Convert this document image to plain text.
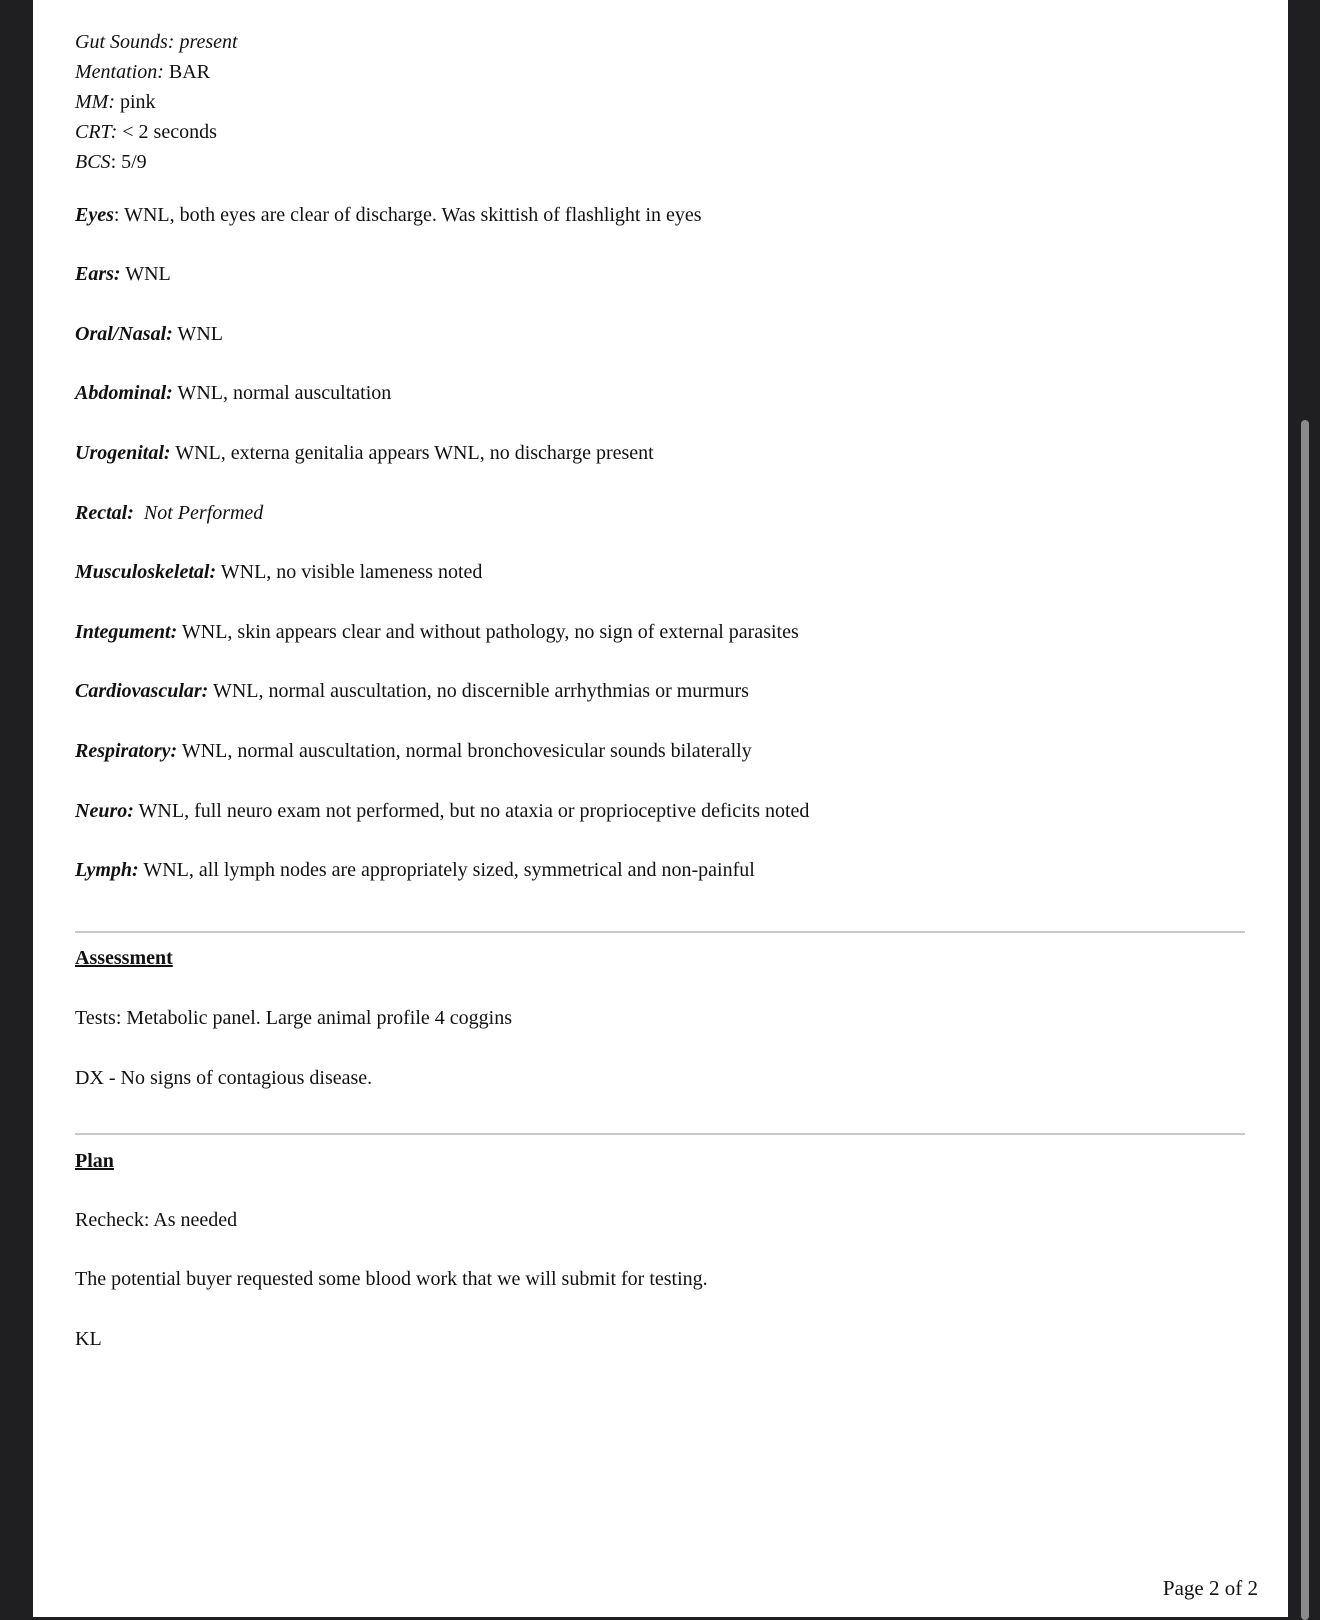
Gut Sounds: present
Mentation: BAR
MM: pink
CRT: < 2 seconds
BCS: 5/9
Eyes: WNL, both eyes are clear of discharge. Was skittish of flashlight in eyes
Ears: WNL
Oral/Nasal: WNL
Abdominal: WNL, normal auscultation
Urogenital: WNL, externa genitalia appears WNL, no discharge present
Rectal:  Not Performed
Musculoskeletal: WNL, no visible lameness noted
Integument: WNL, skin appears clear and without pathology, no sign of external parasites
Cardiovascular: WNL, normal auscultation, no discernible arrhythmias or murmurs
Respiratory: WNL, normal auscultation, normal bronchovesicular sounds bilaterally
Neuro: WNL, full neuro exam not performed, but no ataxia or proprioceptive deficits noted
Lymph: WNL, all lymph nodes are appropriately sized, symmetrical and non-painful
Assessment
Tests: Metabolic panel. Large animal profile 4 coggins
DX - No signs of contagious disease.
Plan
Recheck: As needed
The potential buyer requested some blood work that we will submit for testing.
KL
Page 2 of 2
